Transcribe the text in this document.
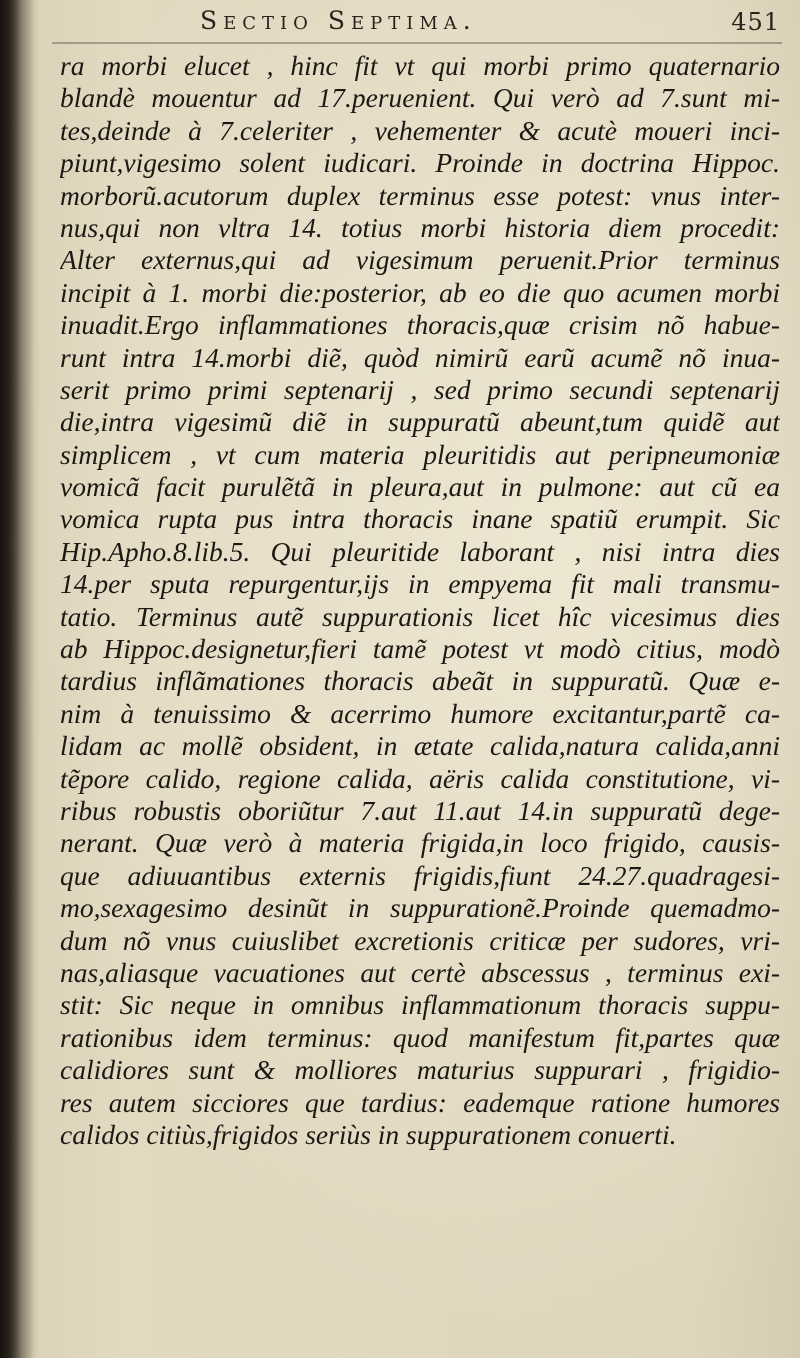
Sectio Septima.	451
ra morbi elucet , hinc fit vt qui morbi primo quaternario
blandè mouentur ad 17.peruenient. Qui verò ad 7.sunt mi-
tes,deinde à 7.celeriter , vehementer & acutè moueri inci-
piunt,vigesimo solent iudicari. Proinde in doctrina Hippoc.
morborũ.acutorum duplex terminus esse potest: vnus inter-
nus,qui non vltra 14. totius morbi historia diem procedit:
Alter externus,qui ad vigesimum peruenit.Prior terminus
incipit à 1. morbi die:posterior, ab eo die quo acumen morbi
inuadit.Ergo inflammationes thoracis,quæ crisim nõ habue-
runt intra 14.morbi diẽ, quòd nimirũ earũ acumẽ nõ inua-
serit primo primi septenarij , sed primo secundi septenarij
die,intra vigesimũ diẽ in suppuratũ abeunt,tum quidẽ aut
simplicem , vt cum materia pleuritidis aut peripneumoniæ
vomicã facit purulẽtã in pleura,aut in pulmone: aut cũ ea
vomica rupta pus intra thoracis inane spatiũ erumpit. Sic
Hip.Apho.8.lib.5. Qui pleuritide laborant , nisi intra dies
14.per sputa repurgentur,ijs in empyema fit mali transmu-
tatio. Terminus autẽ suppurationis licet hîc vicesimus dies
ab Hippoc.designetur,fieri tamẽ potest vt modò citius, modò
tardius inflãmationes thoracis abeãt in suppuratũ. Quæ e-
nim à tenuissimo & acerrimo humore excitantur,partẽ ca-
lidam ac mollẽ obsident, in ætate calida,natura calida,anni
tẽpore calido, regione calida, aëris calida constitutione, vi-
ribus robustis oboriũtur 7.aut 11.aut 14.in suppuratũ dege-
nerant. Quæ verò à materia frigida,in loco frigido, causis-
que adiuuantibus externis frigidis,fiunt 24.27.quadragesi-
mo,sexagesimo desinũt in suppurationẽ.Proinde quemadmo-
dum nõ vnus cuiuslibet excretionis criticæ per sudores, vri-
nas,aliasque vacuationes aut certè abscessus , terminus exi-
stit: Sic neque in omnibus inflammationum thoracis suppu-
rationibus idem terminus: quod manifestum fit,partes quæ
calidiores sunt & molliores maturius suppurari , frigidio-
res autem sicciores que tardius: eademque ratione humores
calidos citiùs,frigidos seriùs in suppurationem conuerti.
